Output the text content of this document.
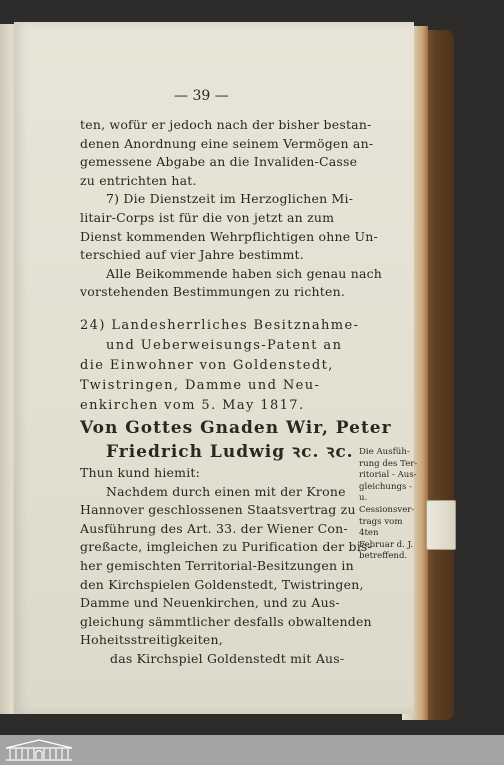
— 39 —
ten, wofür er jedoch nach der bisher bestan-
denen Anordnung eine seinem Vermögen an-
gemessene Abgabe an die Invaliden-Casse
zu entrichten hat.
7) Die Dienstzeit im Herzoglichen Mi-
litair-Corps ist für die von jetzt an zum
Dienst kommenden Wehrpflichtigen ohne Un-
terschied auf vier Jahre bestimmt.
Alle Beikommende haben sich genau nach
vorstehenden Bestimmungen zu richten.
24) Landesherrliches Besitznahme-
und Ueberweisungs-Patent an
die Einwohner von Goldenstedt,
Twistringen, Damme und Neu-
enkirchen vom 5. May 1817.
Von Gottes Gnaden Wir, Peter
Friedrich Ludwig ꝛc. ꝛc.
Thun kund hiemit:
Nachdem durch einen mit der Krone
Hannover geschlossenen Staatsvertrag zu
Ausführung des Art. 33. der Wiener Con-
greßacte, imgleichen zu Purification der bis-
her gemischten Territorial-Besitzungen in
den Kirchspielen Goldenstedt, Twistringen,
Damme und Neuenkirchen, und zu Aus-
gleichung sämmtlicher desfalls obwaltenden
Hoheitsstreitigkeiten,
das Kirchspiel Goldenstedt mit Aus-
Die Ausfüh-
rung des Ter-
ritorial - Aus-
gleichungs - u.
Cessionsver-
trags vom 4ten
Februar d. J.
betreffend.
